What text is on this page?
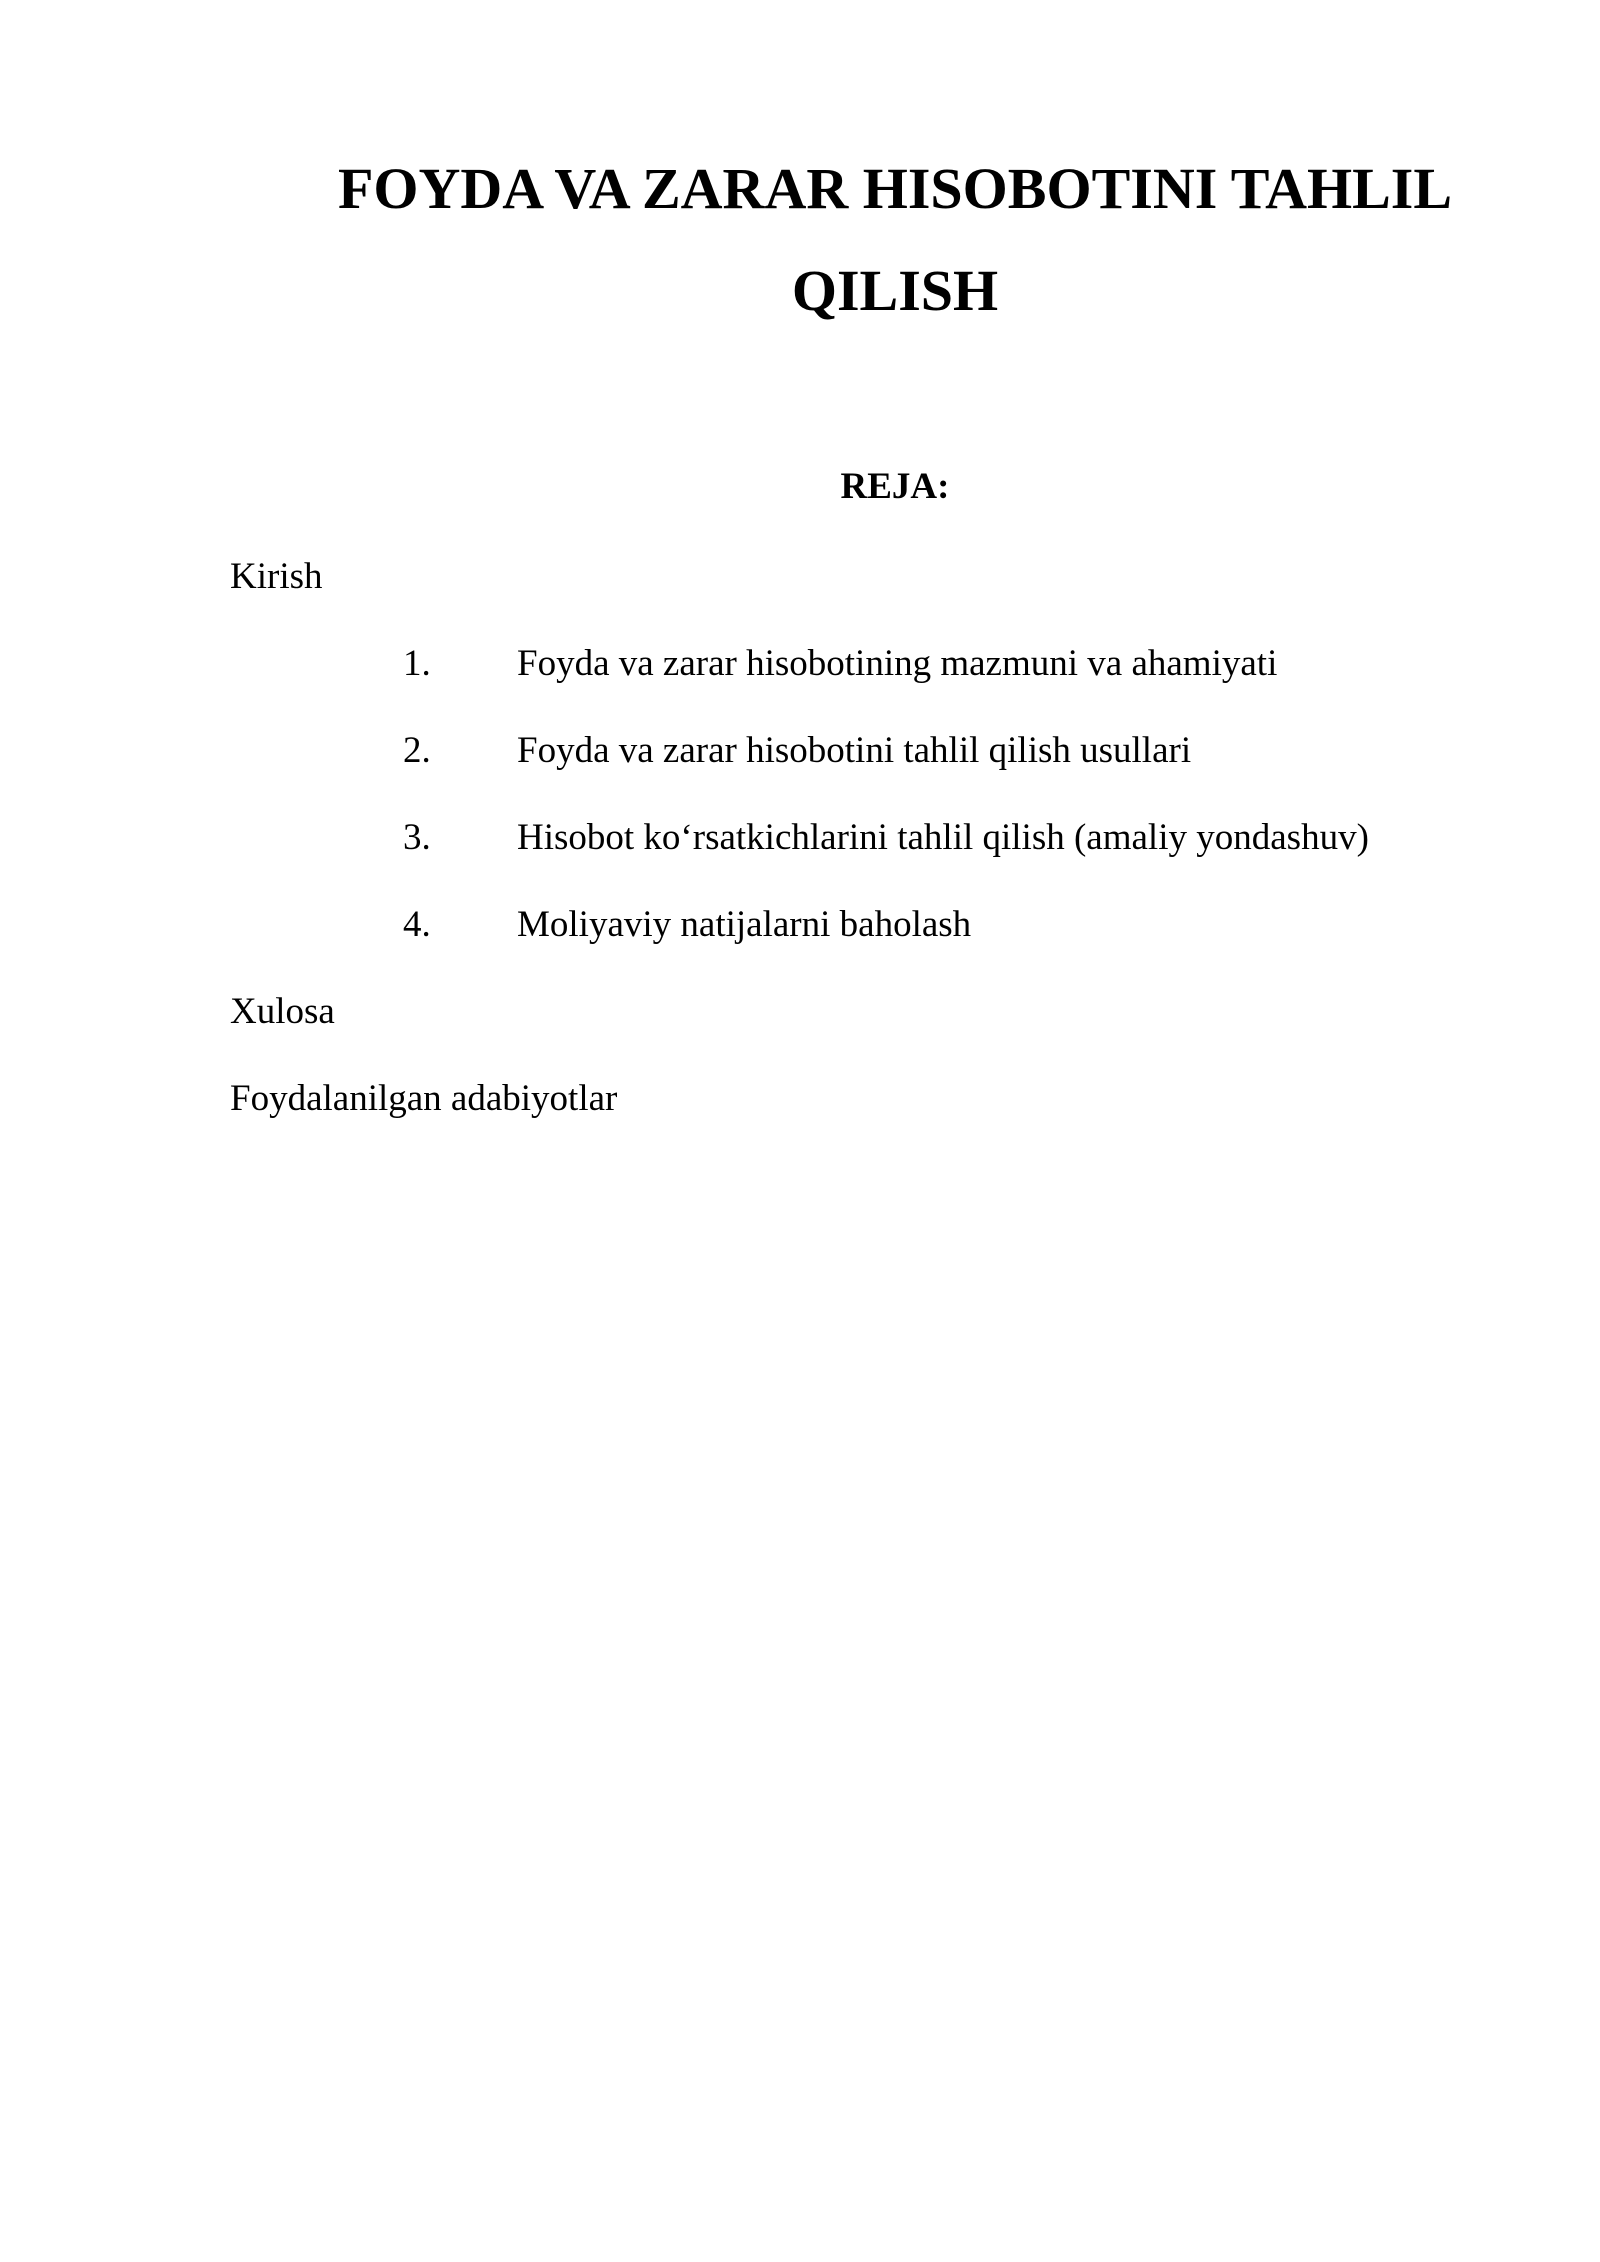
FOYDA VA ZARAR HISOBOTINI TAHLIL
QILISH
REJA:

Kirish

1. Foyda va zarar hisobotining mazmuni va ahamiyati

2. Foyda va zarar hisobotini tahlil qilish usullari

3. Hisobot ko‘rsatkichlarini tahlil qilish (amaliy yondashuv)

4. Moliyaviy natijalarni baholash

Xulosa

Foydalanilgan adabiyotlar
